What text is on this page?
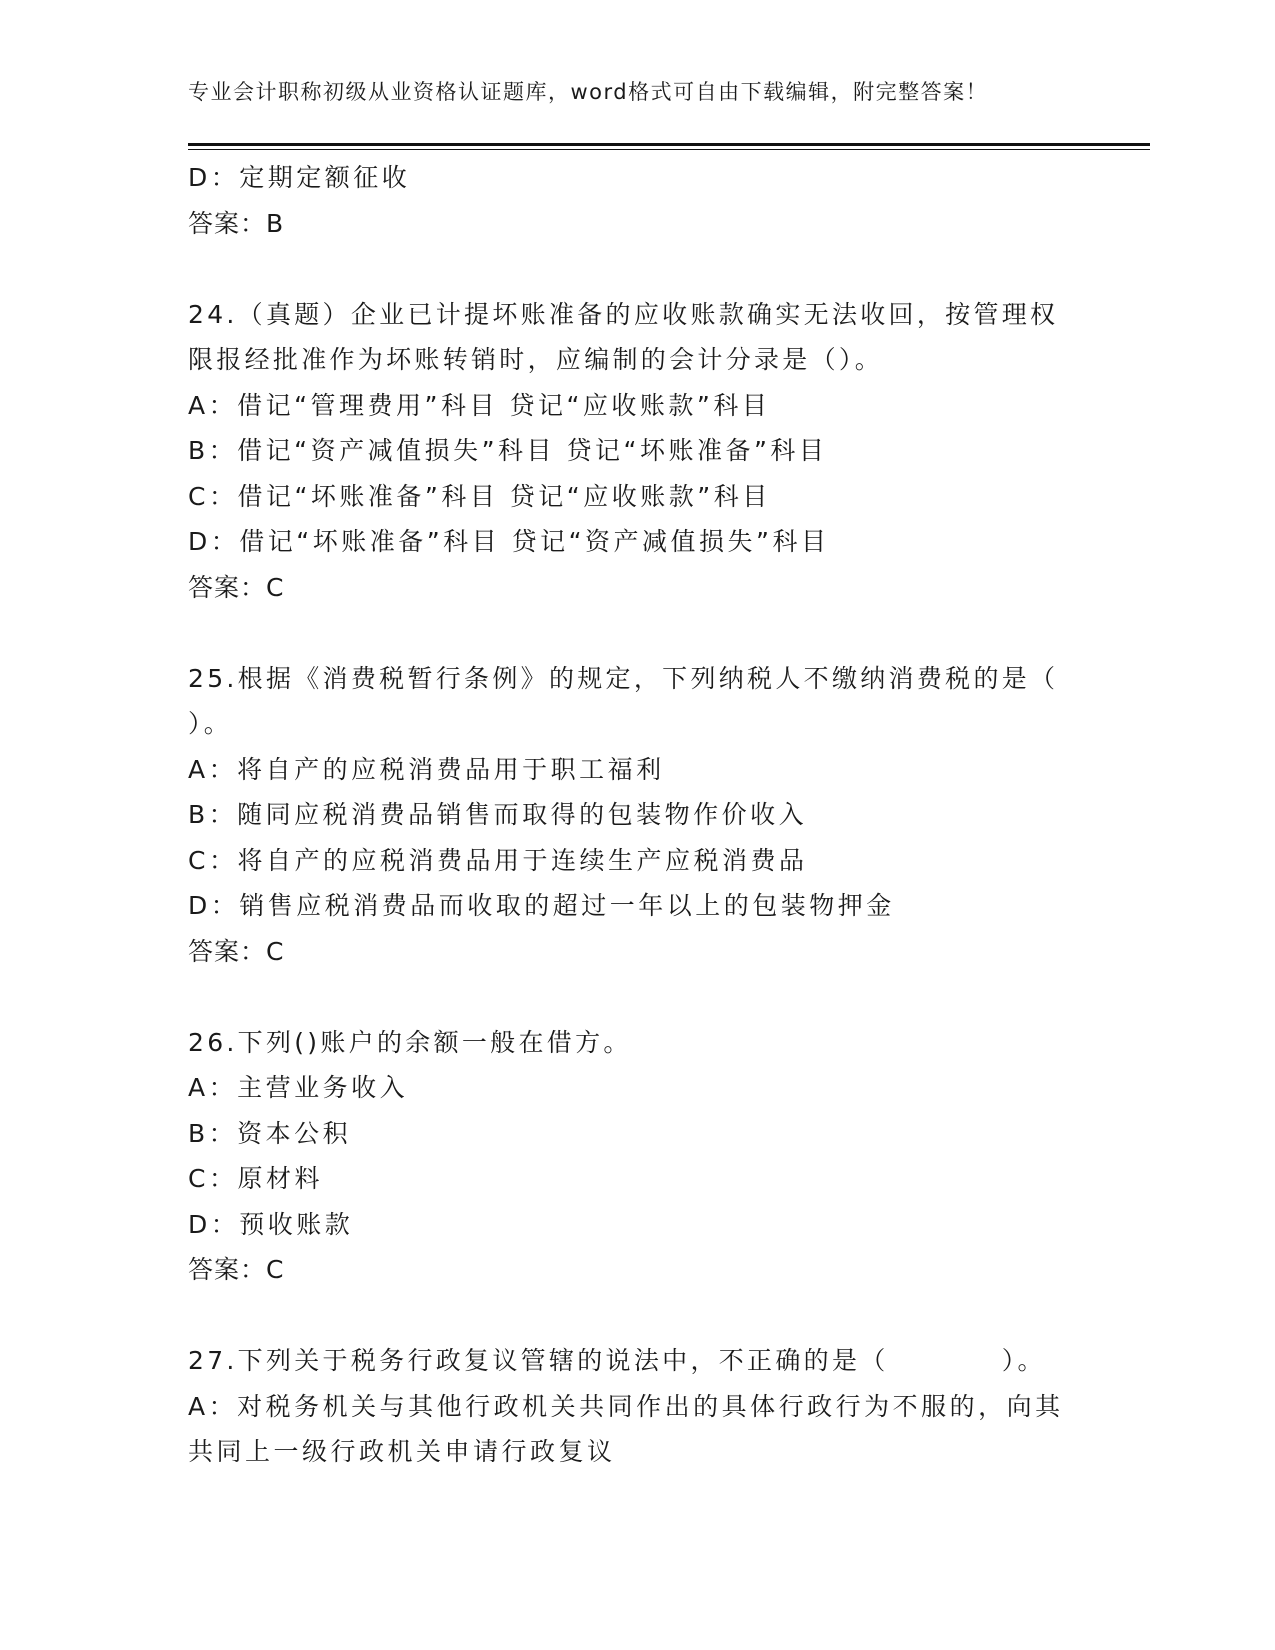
专业会计职称初级从业资格认证题库，word格式可自由下载编辑，附完整答案！
D：定期定额征收
答案：B
24.（真题）企业已计提坏账准备的应收账款确实无法收回，按管理权
限报经批准作为坏账转销时，应编制的会计分录是（）。
A：借记“管理费用”科目 贷记“应收账款”科目
B：借记“资产减值损失”科目 贷记“坏账准备”科目
C：借记“坏账准备”科目 贷记“应收账款”科目
D：借记“坏账准备”科目 贷记“资产减值损失”科目
答案：C
25.根据《消费税暂行条例》的规定，下列纳税人不缴纳消费税的是（
）。
A：将自产的应税消费品用于职工福利
B：随同应税消费品销售而取得的包装物作价收入
C：将自产的应税消费品用于连续生产应税消费品
D：销售应税消费品而收取的超过一年以上的包装物押金
答案：C
26.下列()账户的余额一般在借方。
A：主营业务收入
B：资本公积
C：原材料
D：预收账款
答案：C
27.下列关于税务行政复议管辖的说法中，不正确的是（　　　　）。
A：对税务机关与其他行政机关共同作出的具体行政行为不服的，向其
共同上一级行政机关申请行政复议
